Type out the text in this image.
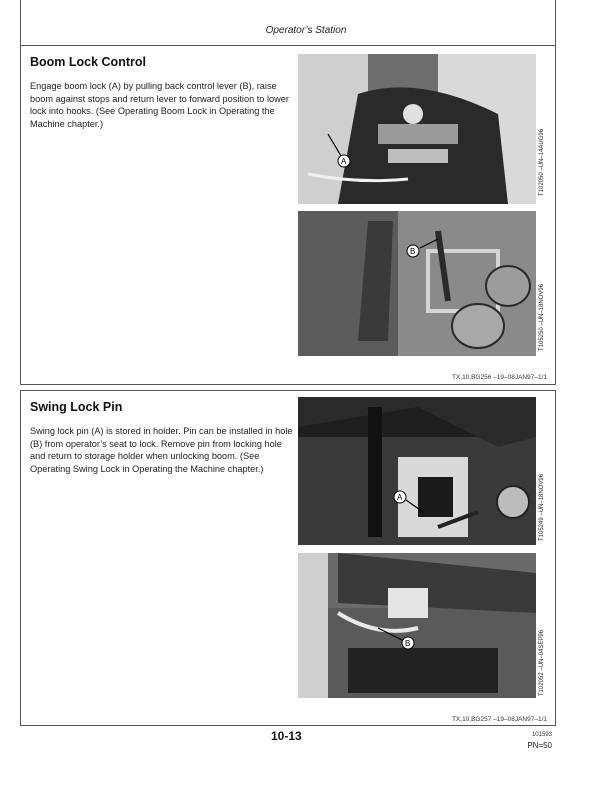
Operator’s Station
Boom Lock Control
Engage boom lock (A) by pulling back control lever (B), raise boom against stops and return lever to forward position to lower lock into hooks. (See Operating Boom Lock in Operating the Machine chapter.)
A	T102050 –UN–14AUG96
B
T105250 –UN–18NOV96
TX,10,BG256 –19–08JAN97–1/1
Swing Lock Pin
Swing lock pin (A) is stored in holder. Pin can be installed in hole (B) from operator’s seat to lock. Remove pin from locking hole and return to storage holder when unlocking boom. (See Operating Swing Lock in Operating the Machine chapter.)
A	T105249 –UN–18NOV96
B	T102052 –UN–04SEP96
TX,10,BG257 –19–08JAN97–1/1
10-13	101593
PN=50
